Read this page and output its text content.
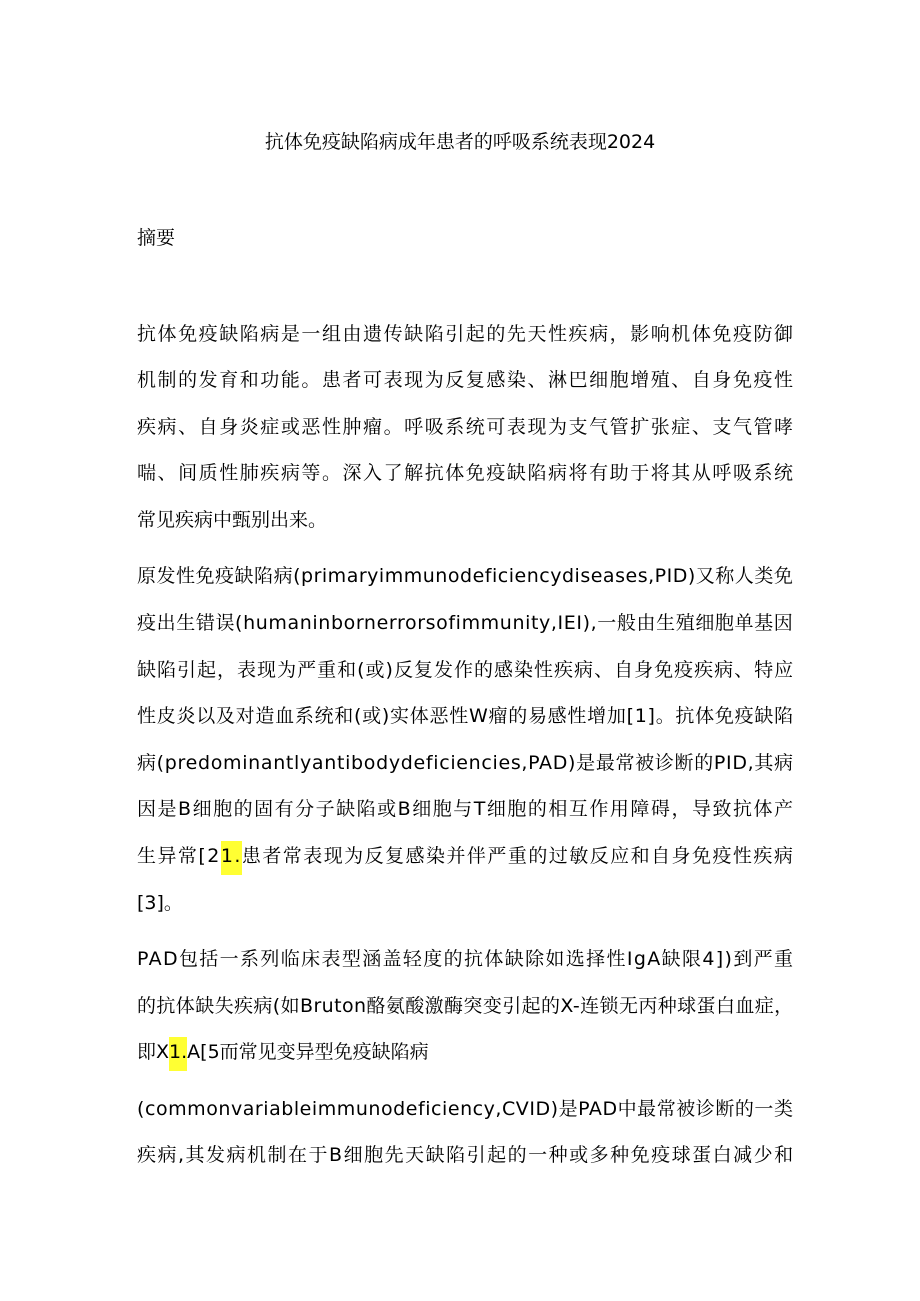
抗体免疫缺陷病成年患者的呼吸系统表现2024
摘要
抗体免疫缺陷病是一组由遗传缺陷引起的先天性疾病，影响机体免疫防御
机制的发育和功能。患者可表现为反复感染、淋巴细胞增殖、自身免疫性
疾病、自身炎症或恶性肿瘤。呼吸系统可表现为支气管扩张症、支气管哮
喘、间质性肺疾病等。深入了解抗体免疫缺陷病将有助于将其从呼吸系统
常见疾病中甄别出来。
原发性免疫缺陷病(primaryimmunodeficiencydiseases,PID)又称人类免
疫出生错误(humaninbornerrorsofimmunity,IEI),一般由生殖细胞单基因
缺陷引起，表现为严重和(或)反复发作的感染性疾病、自身免疫疾病、特应
性皮炎以及对造血系统和(或)实体恶性W瘤的易感性增加[1]。抗体免疫缺陷
病(predominantlyantibodydeficiencies,PAD)是最常被诊断的PID,其病
因是B细胞的固有分子缺陷或B细胞与T细胞的相互作用障碍，导致抗体产
生异常[21.患者常表现为反复感染并伴严重的过敏反应和自身免疫性疾病
[3]。
PAD包括一系列临床表型涵盖轻度的抗体缺除如选择性IgA缺限4])到严重
的抗体缺失疾病(如Bruton酪氨酸激酶突变引起的X-连锁无丙种球蛋白血症，
即X1.A[5而常见变异型免疫缺陷病
(commonvariableimmunodeficiency,CVID)是PAD中最常被诊断的一类
疾病,其发病机制在于B细胞先天缺陷引起的一种或多种免疫球蛋白减少和
